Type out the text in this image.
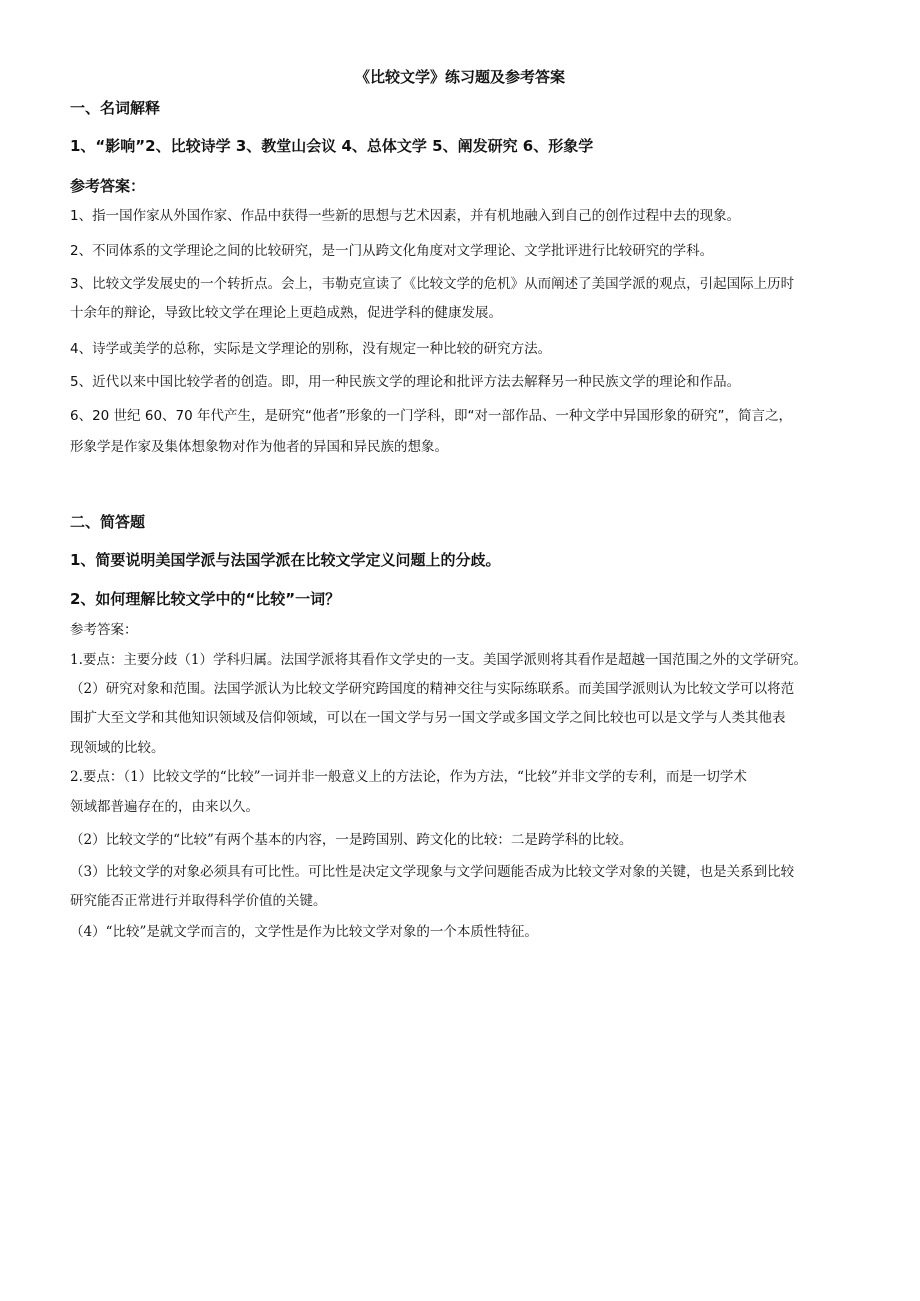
《比较文学》练习题及参考答案
一、名词解释
1、“影响”2、比较诗学 3、教堂山会议 4、总体文学 5、阐发研究 6、形象学
参考答案：
1、指一国作家从外国作家、作品中获得一些新的思想与艺术因素，并有机地融入到自己的创作过程中去的现象。
2、不同体系的文学理论之间的比较研究，是一门从跨文化角度对文学理论、文学批评进行比较研究的学科。
3、比较文学发展史的一个转折点。会上，韦勒克宣读了《比较文学的危机》从而阐述了美国学派的观点，引起国际上历时
十余年的辩论，导致比较文学在理论上更趋成熟，促进学科的健康发展。
4、诗学或美学的总称，实际是文学理论的别称，没有规定一种比较的研究方法。
5、近代以来中国比较学者的创造。即，用一种民族文学的理论和批评方法去解释另一种民族文学的理论和作品。
6、20 世纪 60、70 年代产生，是研究“他者”形象的一门学科，即“对一部作品、一种文学中异国形象的研究”，简言之，
形象学是作家及集体想象物对作为他者的异国和异民族的想象。
二、简答题
1、简要说明美国学派与法国学派在比较文学定义问题上的分歧。
2、如何理解比较文学中的“比较”一词？
参考答案：
1.要点：主要分歧（1）学科归属。法国学派将其看作文学史的一支。美国学派则将其看作是超越一国范围之外的文学研究。
（2）研究对象和范围。法国学派认为比较文学研究跨国度的精神交往与实际练联系。而美国学派则认为比较文学可以将范
围扩大至文学和其他知识领域及信仰领域，可以在一国文学与另一国文学或多国文学之间比较也可以是文学与人类其他表
现领域的比较。
2.要点：（1）比较文学的“比较”一词并非一般意义上的方法论，作为方法，“比较”并非文学的专利，而是一切学术
领域都普遍存在的，由来以久。
（2）比较文学的“比较”有两个基本的内容，一是跨国别、跨文化的比较：二是跨学科的比较。
（3）比较文学的对象必须具有可比性。可比性是决定文学现象与文学问题能否成为比较文学对象的关键，也是关系到比较
研究能否正常进行并取得科学价值的关键。
（4）“比较”是就文学而言的，文学性是作为比较文学对象的一个本质性特征。
